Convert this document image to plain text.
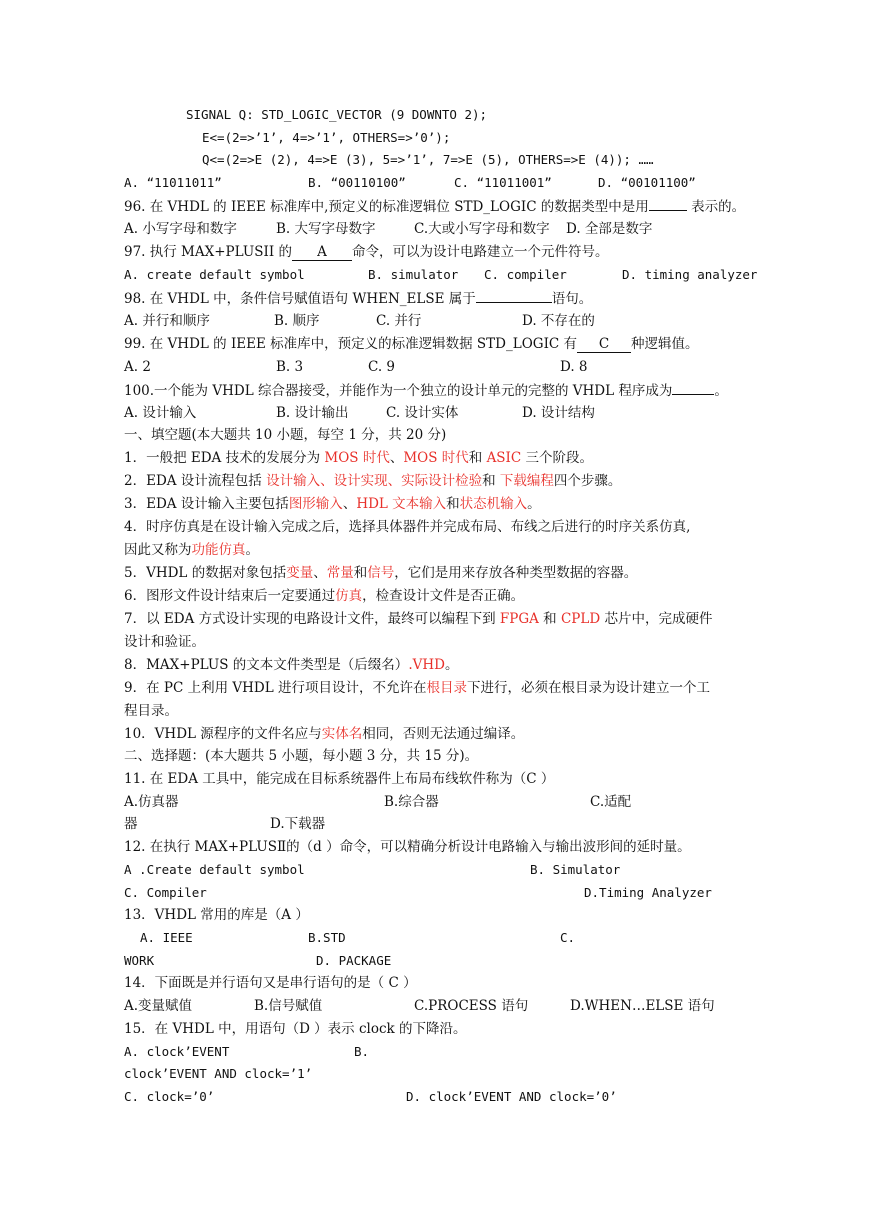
SIGNAL Q: STD_LOGIC_VECTOR (9 DOWNTO 2);
E<=(2=>’1’, 4=>’1’, OTHERS=>’0’);
Q<=(2=>E (2), 4=>E (3), 5=>’1’, 7=>E (5), OTHERS=>E (4)); ……
A. “11011011”	B. “00110100”	C. “11011001”	D. “00101100”
96. 在 VHDL 的 IEEE 标准库中,预定义的标准逻辑位 STD_LOGIC 的数据类型中是用	表示的。
A. 小写字母和数字	B. 大写字母数字	C.大或小写字母和数字 D. 全部是数字
97. 执行 MAX+PLUSII 的 A 命令，可以为设计电路建立一个元件符号。
A. create default symbol	B. simulator C. compiler	D. timing analyzer
98. 在 VHDL 中，条件信号赋值语句 WHEN_ELSE 属于	语句。
A. 并行和顺序	B. 顺序	C. 并行	D. 不存在的
99. 在 VHDL 的 IEEE 标准库中，预定义的标准逻辑数据 STD_LOGIC 有 C 种逻辑值。
A. 2	B. 3	C. 9	D. 8
100.一个能为 VHDL 综合器接受，并能作为一个独立的设计单元的完整的 VHDL 程序成为	。
A. 设计输入	B. 设计输出	C. 设计实体	D. 设计结构
一、填空题(本大题共 10 小题，每空 1 分，共 20 分)
1．一般把 EDA 技术的发展分为 MOS 时代、MOS 时代和 ASIC 三个阶段。
2．EDA 设计流程包括 设计输入、设计实现、实际设计检验和 下载编程四个步骤。
3．EDA 设计输入主要包括图形输入、HDL 文本输入和状态机输入。
4．时序仿真是在设计输入完成之后，选择具体器件并完成布局、布线之后进行的时序关系仿真,
因此又称为功能仿真。
5．VHDL 的数据对象包括变量、常量和信号，它们是用来存放各种类型数据的容器。
6．图形文件设计结束后一定要通过仿真，检查设计文件是否正确。
7．以 EDA 方式设计实现的电路设计文件，最终可以编程下到 FPGA 和 CPLD 芯片中，完成硬件
设计和验证。
8．MAX+PLUS 的文本文件类型是（后缀名）.VHD。
9．在 PC 上利用 VHDL 进行项目设计，不允许在根目录下进行，必须在根目录为设计建立一个工
程目录。
10．VHDL 源程序的文件名应与实体名相同，否则无法通过编译。
二、选择题：(本大题共 5 小题，每小题 3 分，共 15 分)。
11. 在 EDA 工具中，能完成在目标系统器件上布局布线软件称为（C ）
A.仿真器	B.综合器	C.适配
器	D.下载器
12. 在执行 MAX+PLUSⅡ的（d ）命令，可以精确分析设计电路输入与输出波形间的延时量。
A .Create default symbol	B. Simulator
C. Compiler	D.Timing Analyzer
13．VHDL 常用的库是（A ）
A. IEEE	B.STD	C.
WORK	D. PACKAGE
14．下面既是并行语句又是串行语句的是（ C ）
A.变量赋值	B.信号赋值	C.PROCESS 语句	D.WHEN…ELSE 语句
15．在 VHDL 中，用语句（D ）表示 clock 的下降沿。
A. clock’EVENT	B.
clock’EVENT AND clock=’1’
C. clock=’0’	D. clock’EVENT AND clock=’0’
